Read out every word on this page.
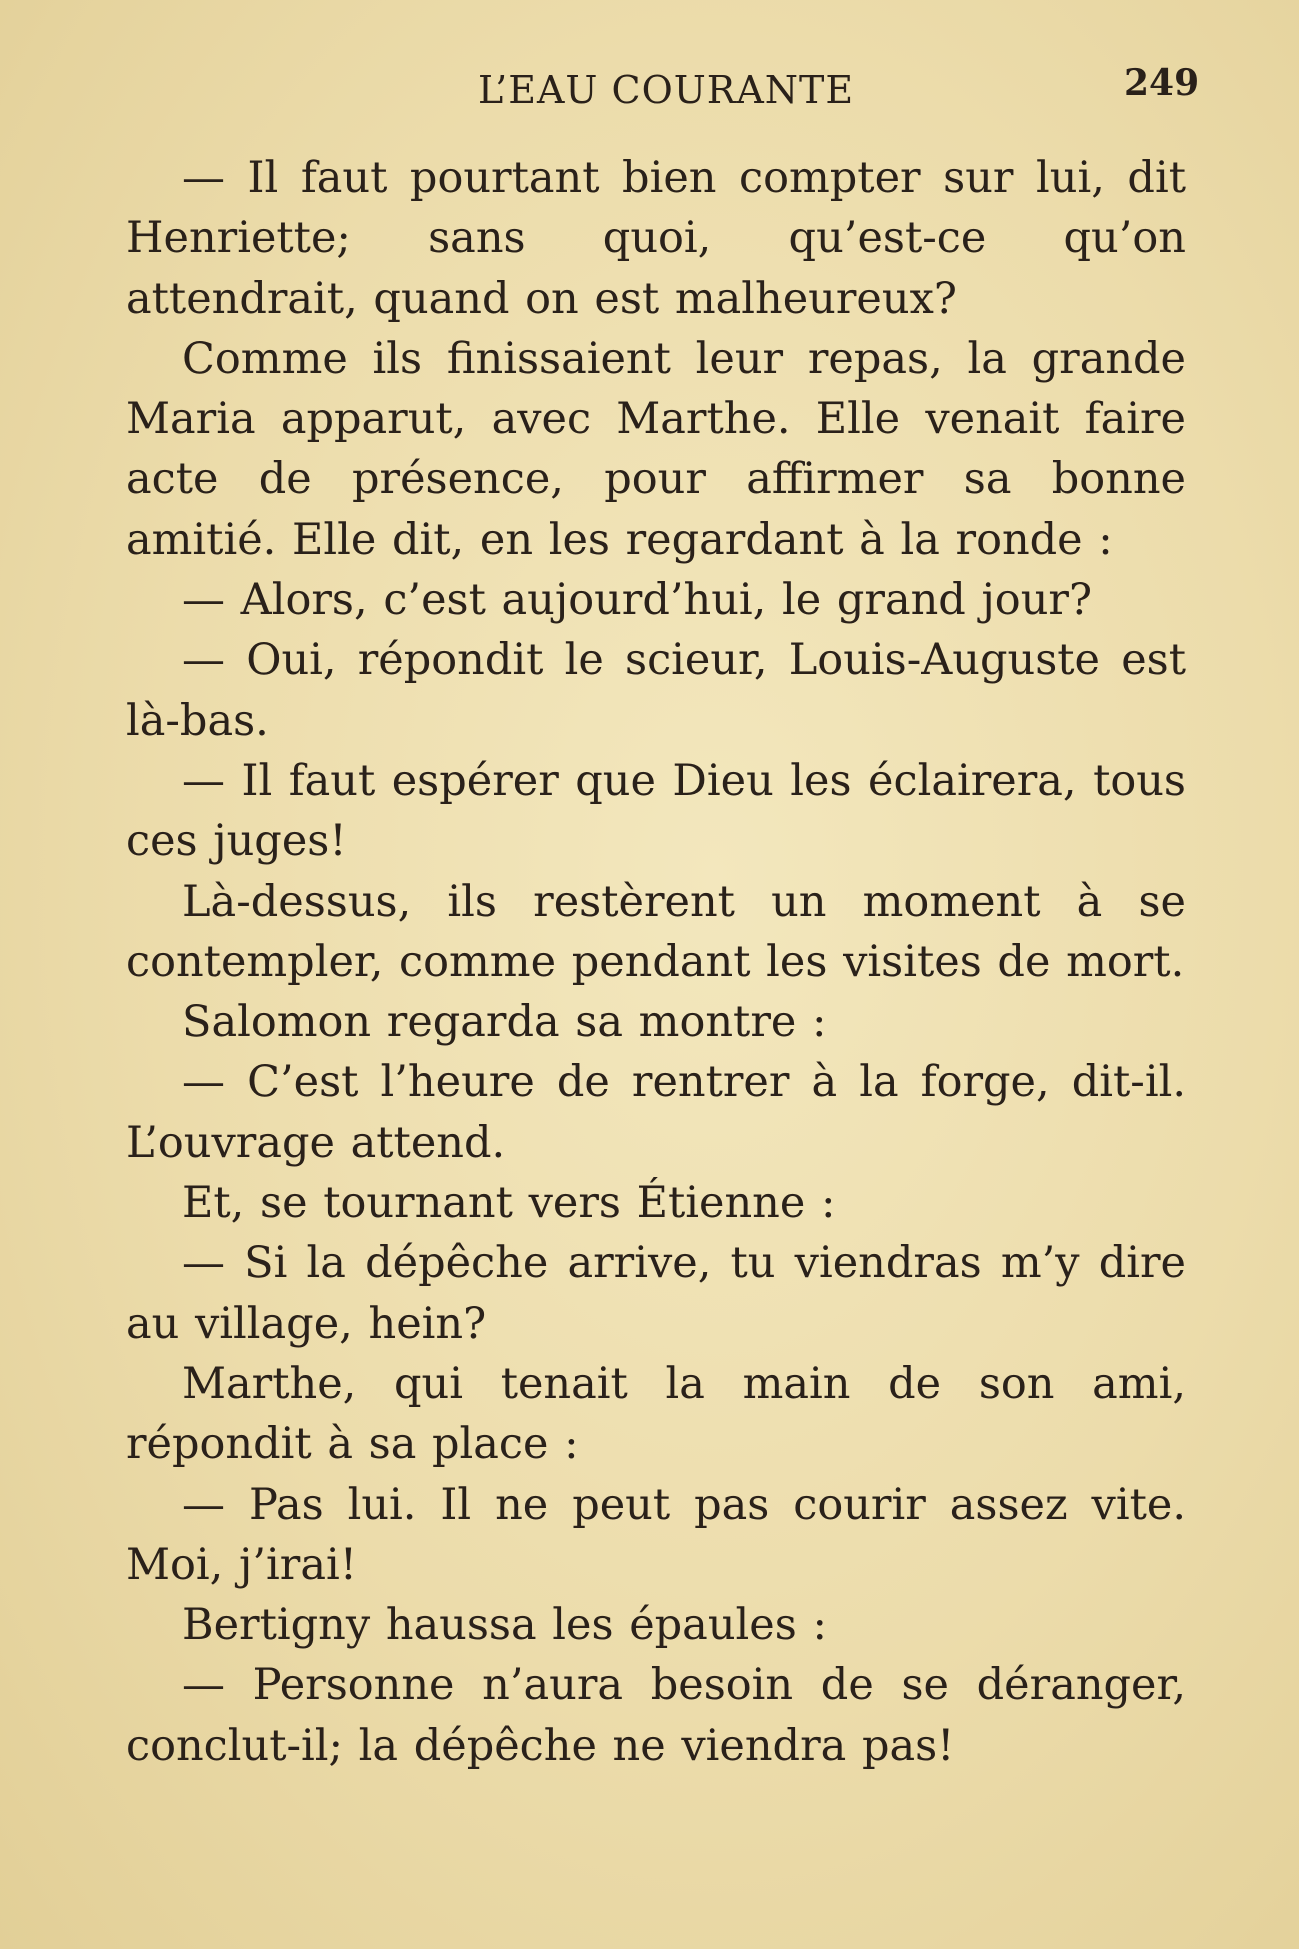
L’EAU COURANTE	249

— Il faut pourtant bien compter sur lui, dit Henriette; sans quoi, qu’est-ce qu’on attendrait, quand on est malheureux?

Comme ils finissaient leur repas, la grande Maria apparut, avec Marthe. Elle venait faire acte de présence, pour affirmer sa bonne amitié. Elle dit, en les regardant à la ronde :

— Alors, c’est aujourd’hui, le grand jour?

— Oui, répondit le scieur, Louis-Auguste est là-bas.

— Il faut espérer que Dieu les éclairera, tous ces juges!

Là-dessus, ils restèrent un moment à se contempler, comme pendant les visites de mort.

Salomon regarda sa montre :

— C’est l’heure de rentrer à la forge, dit-il. L’ouvrage attend.

Et, se tournant vers Étienne :

— Si la dépêche arrive, tu viendras m’y dire au village, hein?

Marthe, qui tenait la main de son ami, répondit à sa place :

— Pas lui. Il ne peut pas courir assez vite. Moi, j’irai!

Bertigny haussa les épaules :

— Personne n’aura besoin de se déranger, conclut-il; la dépêche ne viendra pas!
